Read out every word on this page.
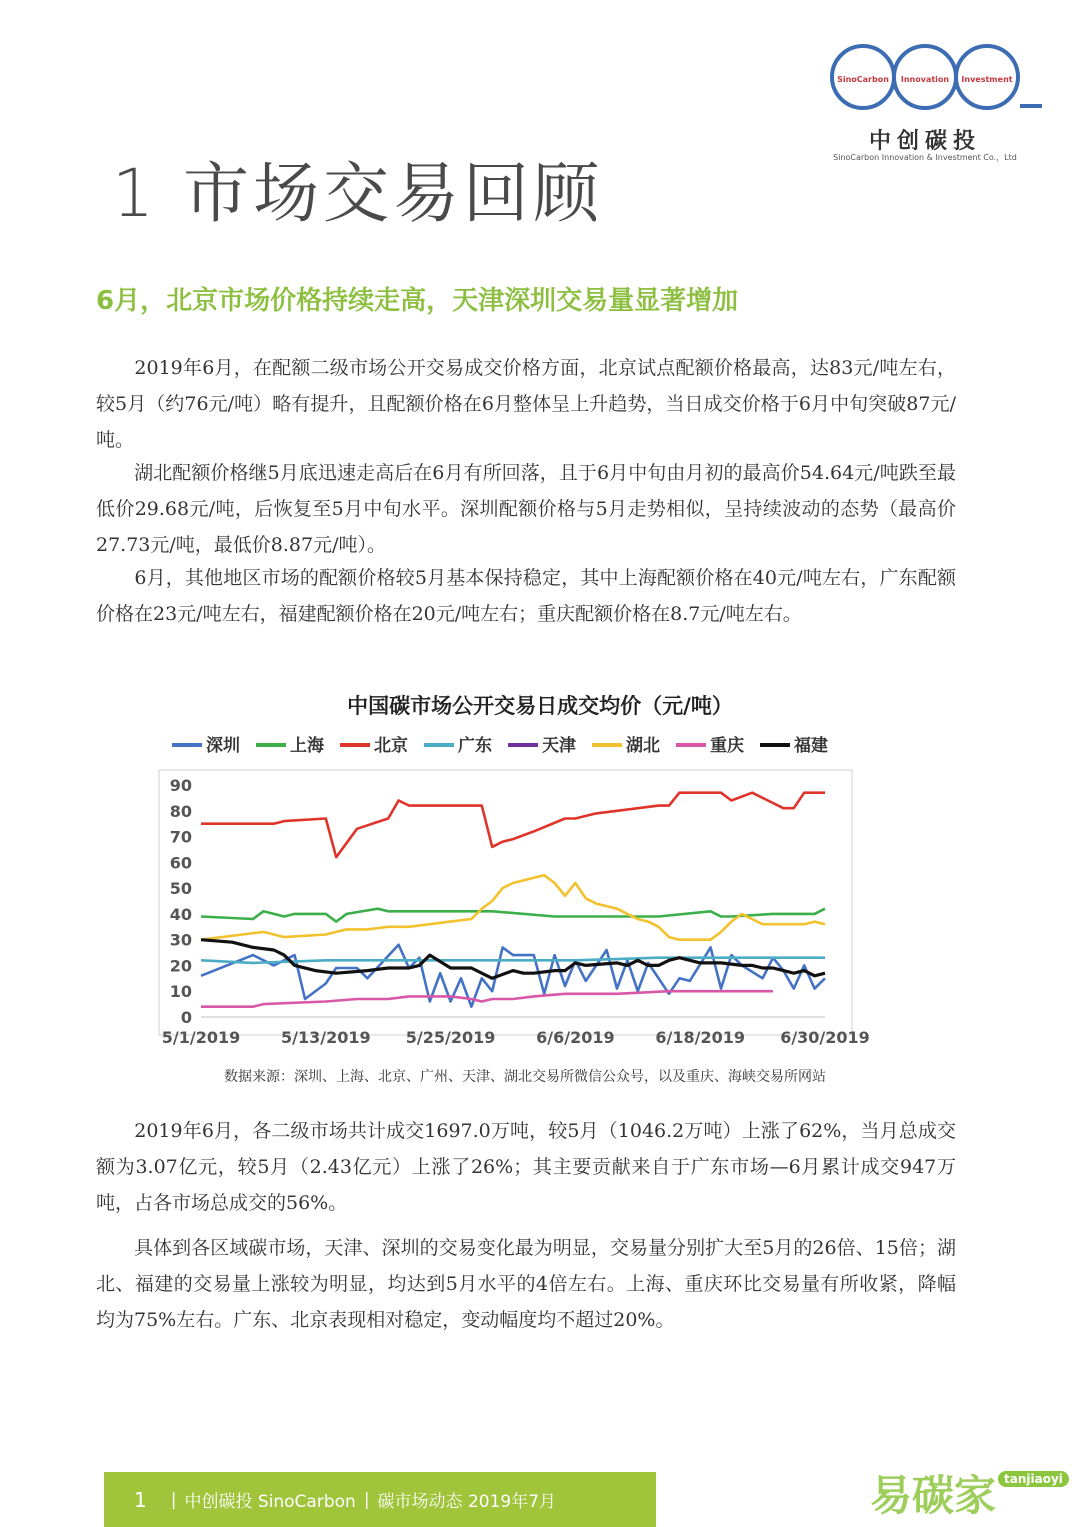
SinoCarbon	Innovation	Investment
中创碳投
SinoCarbon Innovation & Investment Co.，Ltd
1 市场交易回顾
6月，北京市场价格持续走高，天津深圳交易量显著增加

　　2019年6月，在配额二级市场公开交易成交价格方面，北京试点配额价格最高，达83元/吨左右，较5月（约76元/吨）略有提升，且配额价格在6月整体呈上升趋势，当日成交价格于6月中旬突破87元/吨。

　　湖北配额价格继5月底迅速走高后在6月有所回落，且于6月中旬由月初的最高价54.64元/吨跌至最低价29.68元/吨，后恢复至5月中旬水平。深圳配额价格与5月走势相似，呈持续波动的态势（最高价27.73元/吨，最低价8.87元/吨）。

　　6月，其他地区市场的配额价格较5月基本保持稳定，其中上海配额价格在40元/吨左右，广东配额价格在23元/吨左右，福建配额价格在20元/吨左右；重庆配额价格在8.7元/吨左右。

中国碳市场公开交易日成交均价（元/吨）
深圳	上海	北京	广东	天津	湖北	重庆	福建
0
10
20
30
40
50
60
70
80
90
5/1/2019	5/13/2019 5/25/2019	6/6/2019	6/18/2019 6/30/2019
数据来源：深圳、上海、北京、广州、天津、湖北交易所微信公众号，以及重庆、海峡交易所网站

　　2019年6月，各二级市场共计成交1697.0万吨，较5月（1046.2万吨）上涨了62%，当月总成交额为3.07亿元，较5月（2.43亿元）上涨了26%；其主要贡献来自于广东市场—6月累计成交947万吨，占各市场总成交的56%。

　　具体到各区域碳市场，天津、深圳的交易变化最为明显，交易量分别扩大至5月的26倍、15倍；湖北、福建的交易量上涨较为明显，均达到5月水平的4倍左右。上海、重庆环比交易量有所收紧，降幅均为75%左右。广东、北京表现相对稳定，变动幅度均不超过20%。

1 | 中创碳投 SinoCarbon | 碳市场动态 2019年7月	易碳家 tanjiaoyi
